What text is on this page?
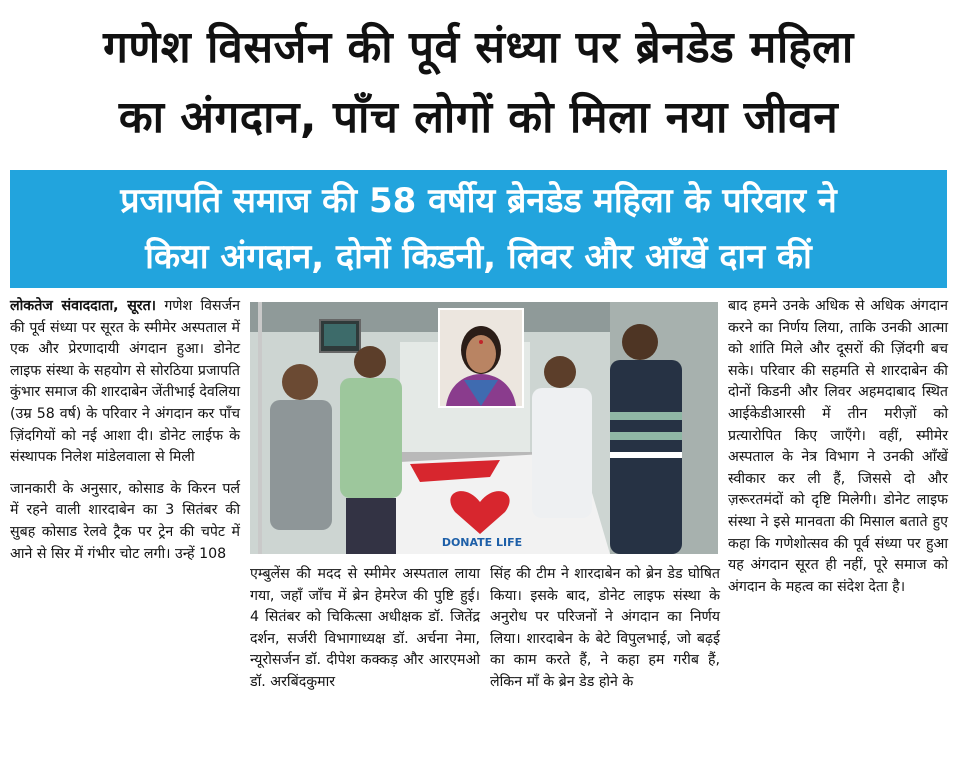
गणेश विसर्जन की पूर्व संध्या पर ब्रेनडेड महिला
का अंगदान, पाँच लोगों को मिला नया जीवन
प्रजापति समाज की 58 वर्षीय ब्रेनडेड महिला के परिवार ने
किया अंगदान, दोनों किडनी, लिवर और आँखें दान कीं

लोकतेज संवाददाता, सूरत। गणेश विसर्जन की पूर्व संध्या पर सूरत के स्मीमेर अस्पताल में एक और प्रेरणादायी अंगदान हुआ। डोनेट लाइफ संस्था के सहयोग से सोरठिया प्रजापति कुंभार समाज की शारदाबेन जेंतीभाई देवलिया (उम्र 58 वर्ष) के परिवार ने अंगदान कर पाँच ज़िंदगियों को नई आशा दी। डोनेट लाईफ के संस्थापक निलेश मांडेलवाला से मिली

जानकारी के अनुसार, कोसाड के किरन पर्ल में रहने वाली शारदाबेन का 3 सितंबर की सुबह कोसाड रेलवे ट्रैक पर ट्रेन की चपेट में आने से सिर में गंभीर चोट लगी। उन्हें 108

DONATE LIFE

एम्बुलेंस की मदद से स्मीमेर अस्पताल लाया गया, जहाँ जाँच में ब्रेन हेमरेज की पुष्टि हुई। 4 सितंबर को चिकित्सा अधीक्षक डॉ. जितेंद्र दर्शन, सर्जरी विभागाध्यक्ष डॉ. अर्चना नेमा, न्यूरोसर्जन डॉ. दीपेश कक्कड़ और आरएमओ डॉ. अरबिंदकुमार

सिंह की टीम ने शारदाबेन को ब्रेन डेड घोषित किया। इसके बाद, डोनेट लाइफ संस्था के अनुरोध पर परिजनों ने अंगदान का निर्णय लिया। शारदाबेन के बेटे विपुलभाई, जो बढ़ई का काम करते हैं, ने कहा हम गरीब हैं, लेकिन माँ के ब्रेन डेड होने के

बाद हमने उनके अधिक से अधिक अंगदान करने का निर्णय लिया, ताकि उनकी आत्मा को शांति मिले और दूसरों की ज़िंदगी बच सके। परिवार की सहमति से शारदाबेन की दोनों किडनी और लिवर अहमदाबाद स्थित आईकेडीआरसी में तीन मरीज़ों को प्रत्यारोपित किए जाएँगे। वहीं, स्मीमेर अस्पताल के नेत्र विभाग ने उनकी आँखें स्वीकार कर ली हैं, जिससे दो और ज़रूरतमंदों को दृष्टि मिलेगी। डोनेट लाइफ संस्था ने इसे मानवता की मिसाल बताते हुए कहा कि गणेशोत्सव की पूर्व संध्या पर हुआ यह अंगदान सूरत ही नहीं, पूरे समाज को अंगदान के महत्व का संदेश देता है।
